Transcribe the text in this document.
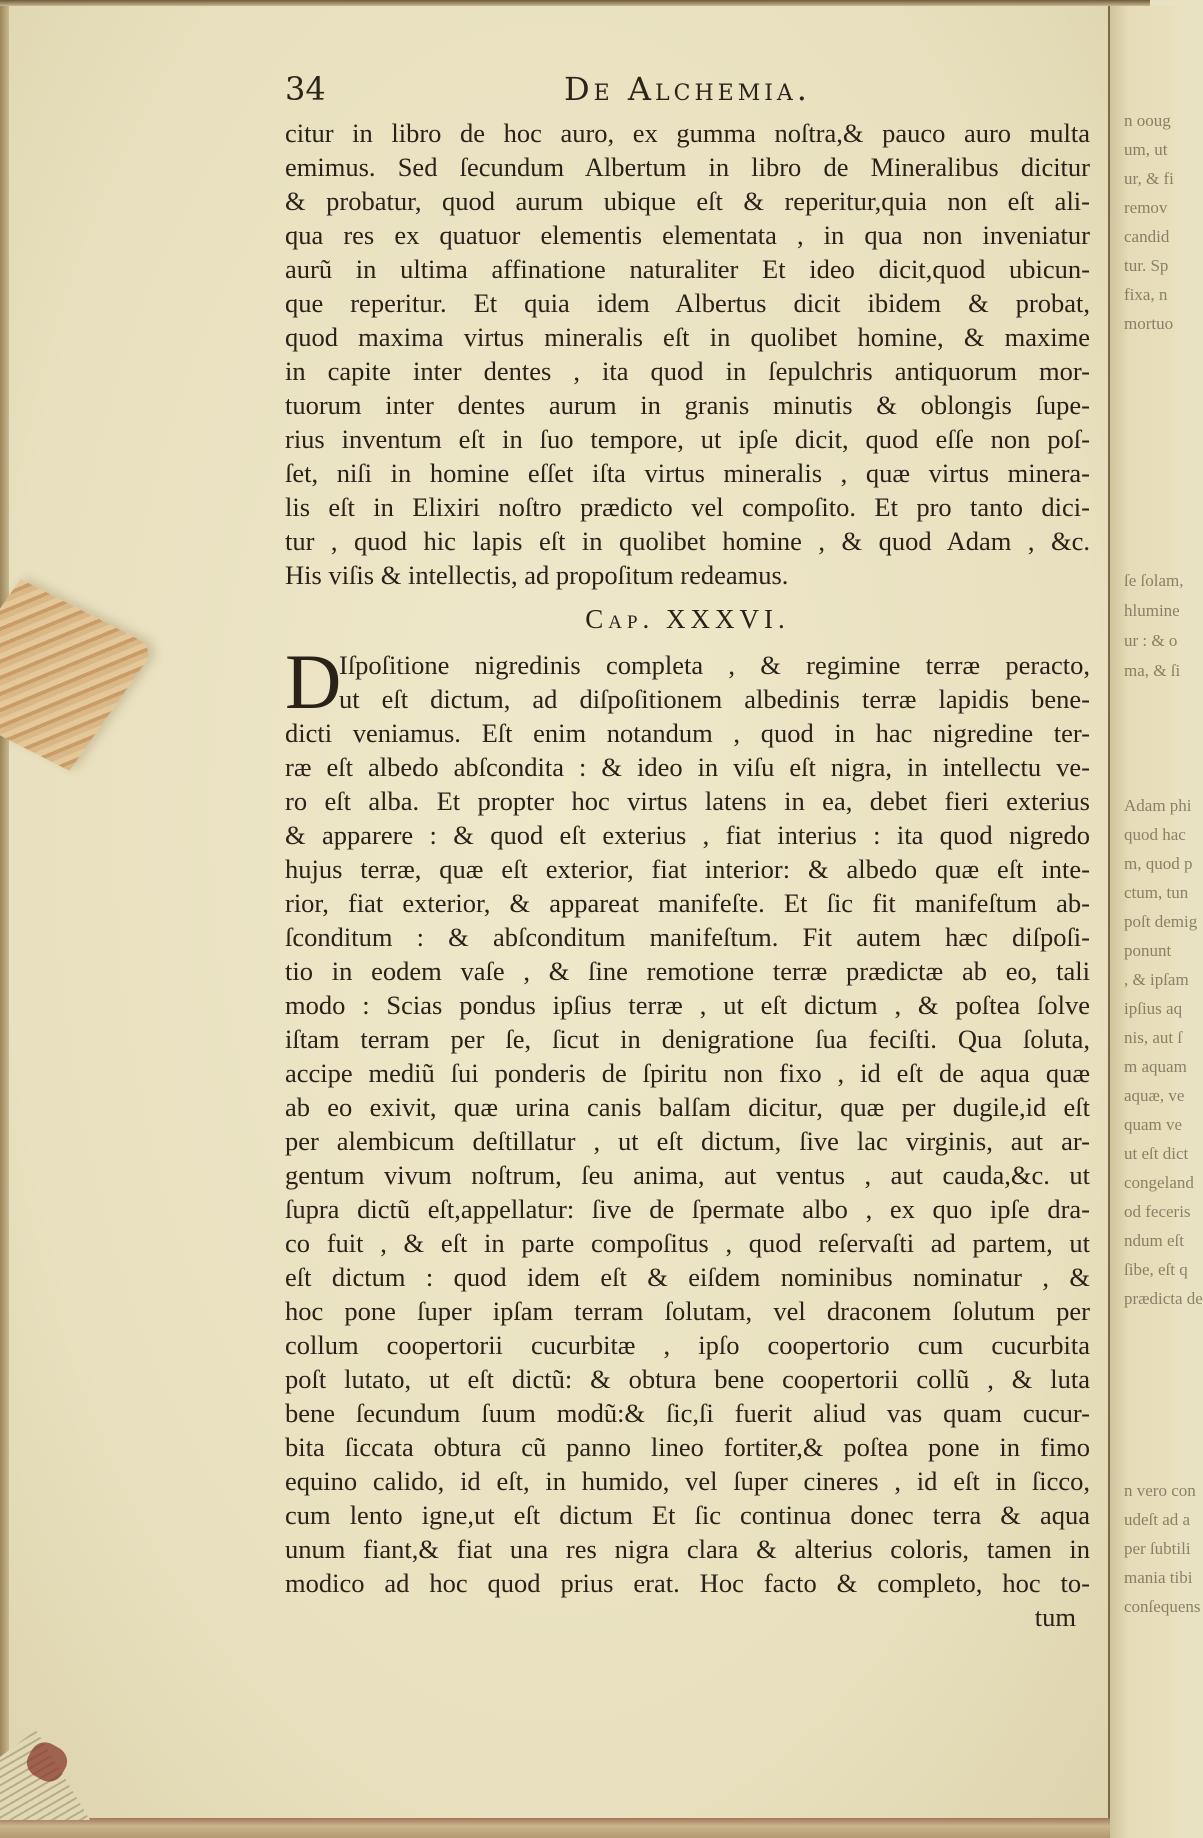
n ooug
um, ut
ur, & fi
remov
candid
tur. Sp
fixa, n
mortuo
ſe ſolam,
hlumine
ur : & o
ma, & ſi
Adam phi
quod hac
m, quod p
ctum, tun
poſt demig
ponunt
, & ipſam
ipſius aq
nis, aut ſ
m aquam
aquæ, ve
quam ve
ut eſt dict
congeland
od feceris
ndum eſt
ſibe, eſt q
prædicta de
n vero con
udeſt ad a
per ſubtili
mania tibi
conſequens
34	De Alchemia.
citur in libro de hoc auro, ex gumma noſtra,& pauco auro multa
emimus. Sed ſecundum Albertum in libro de Mineralibus dicitur
& probatur, quod aurum ubique eſt & reperitur,quia non eſt ali-
qua res ex quatuor elementis elementata , in qua non inveniatur
aurũ in ultima affinatione naturaliter Et ideo dicit,quod ubicun-
que reperitur. Et quia idem Albertus dicit ibidem & probat,
quod maxima virtus mineralis eſt in quolibet homine, & maxime
in capite inter dentes , ita quod in ſepulchris antiquorum mor-
tuorum inter dentes aurum in granis minutis & oblongis ſupe-
rius inventum eſt in ſuo tempore, ut ipſe dicit, quod eſſe non poſ-
ſet, niſi in homine eſſet iſta virtus mineralis , quæ virtus minera-
lis eſt in Elixiri noſtro prædicto vel compoſito. Et pro tanto dici-
tur , quod hic lapis eſt in quolibet homine , & quod Adam , &c.
His viſis & intellectis, ad propoſitum redeamus.
Cap. XXXVI.
D
Iſpoſitione nigredinis completa , & regimine terræ peracto,
ut eſt dictum, ad diſpoſitionem albedinis terræ lapidis bene-
dicti veniamus. Eſt enim notandum , quod in hac nigredine ter-
ræ eſt albedo abſcondita : & ideo in viſu eſt nigra, in intellectu ve-
ro eſt alba. Et propter hoc virtus latens in ea, debet fieri exterius
& apparere : & quod eſt exterius , fiat interius : ita quod nigredo
hujus terræ, quæ eſt exterior, fiat interior: & albedo quæ eſt inte-
rior, fiat exterior, & appareat manifeſte. Et ſic fit manifeſtum ab-
ſconditum : & abſconditum manifeſtum. Fit autem hæc diſpoſi-
tio in eodem vaſe , & ſine remotione terræ prædictæ ab eo, tali
modo : Scias pondus ipſius terræ , ut eſt dictum , & poſtea ſolve
iſtam terram per ſe, ſicut in denigratione ſua feciſti. Qua ſoluta,
accipe mediũ ſui ponderis de ſpiritu non fixo , id eſt de aqua quæ
ab eo exivit, quæ urina canis balſam dicitur, quæ per dugile,id eſt
per alembicum deſtillatur , ut eſt dictum, ſive lac virginis, aut ar-
gentum vivum noſtrum, ſeu anima, aut ventus , aut cauda,&c. ut
ſupra dictũ eſt,appellatur: ſive de ſpermate albo , ex quo ipſe dra-
co fuit , & eſt in parte compoſitus , quod reſervaſti ad partem, ut
eſt dictum : quod idem eſt & eiſdem nominibus nominatur , &
hoc pone ſuper ipſam terram ſolutam, vel draconem ſolutum per
collum coopertorii cucurbitæ , ipſo coopertorio cum cucurbita
poſt lutato, ut eſt dictũ: & obtura bene coopertorii collũ , & luta
bene ſecundum ſuum modũ:& ſic,ſi fuerit aliud vas quam cucur-
bita ſiccata obtura cũ panno lineo fortiter,& poſtea pone in fimo
equino calido, id eſt, in humido, vel ſuper cineres , id eſt in ſicco,
cum lento igne,ut eſt dictum Et ſic continua donec terra & aqua
unum fiant,& fiat una res nigra clara & alterius coloris, tamen in
modico ad hoc quod prius erat. Hoc facto & completo, hoc to-
tum
